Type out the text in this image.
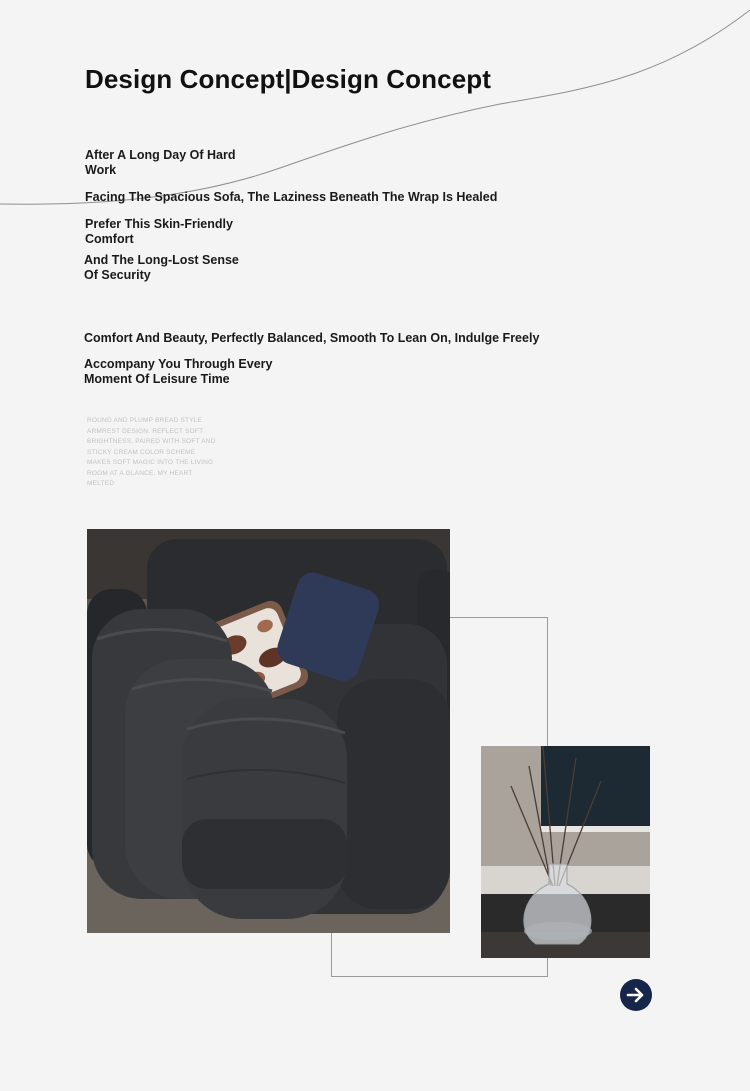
Design Concept|Design Concept

After A Long Day Of Hard Work

Facing The Spacious Sofa, The Laziness Beneath The Wrap Is Healed

Prefer This Skin-Friendly Comfort

And The Long-Lost Sense Of Security

Comfort And Beauty, Perfectly Balanced, Smooth To Lean On, Indulge Freely

Accompany You Through Every Moment Of Leisure Time

ROUND AND PLUMP BREAD STYLE ARMREST DESIGN. REFLECT SOFT BRIGHTNESS. PAIRED WITH SOFT AND STICKY CREAM COLOR SCHEME MAKES SOFT MAGIC INTO THE LIVING ROOM AT A GLANCE, MY HEART MELTED
